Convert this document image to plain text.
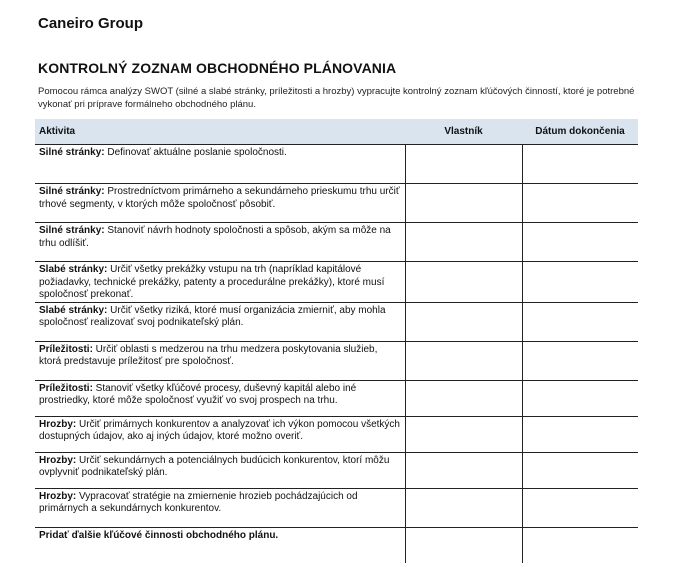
Caneiro Group
KONTROLNÝ ZOZNAM OBCHODNÉHO PLÁNOVANIA
Pomocou rámca analýzy SWOT (silné a slabé stránky, príležitosti a hrozby) vypracujte kontrolný zoznam kľúčových činností, ktoré je potrebné vykonať pri príprave formálneho obchodného plánu.
Aktivita	Vlastník	Dátum dokončenia
Silné stránky: Definovať aktuálne poslanie spoločnosti.		
Silné stránky: Prostredníctvom primárneho a sekundárneho prieskumu trhu určiť trhové segmenty, v ktorých môže spoločnosť pôsobiť.		
Silné stránky: Stanoviť návrh hodnoty spoločnosti a spôsob, akým sa môže na trhu odlíšiť.		
Slabé stránky: Určiť všetky prekážky vstupu na trh (napríklad kapitálové požiadavky, technické prekážky, patenty a procedurálne prekážky), ktoré musí spoločnosť prekonať.		
Slabé stránky: Určiť všetky riziká, ktoré musí organizácia zmierniť, aby mohla spoločnosť realizovať svoj podnikateľský plán.		
Príležitosti: Určiť oblasti s medzerou na trhu medzera poskytovania služieb, ktorá predstavuje príležitosť pre spoločnosť.		
Príležitosti: Stanoviť všetky kľúčové procesy, duševný kapitál alebo iné prostriedky, ktoré môže spoločnosť využiť vo svoj prospech na trhu.		
Hrozby: Určiť primárnych konkurentov a analyzovať ich výkon pomocou všetkých dostupných údajov, ako aj iných údajov, ktoré možno overiť.		
Hrozby: Určiť sekundárnych a potenciálnych budúcich konkurentov, ktorí môžu ovplyvniť podnikateľský plán.		
Hrozby: Vypracovať stratégie na zmiernenie hrozieb pochádzajúcich od primárnych a sekundárnych konkurentov.		
Pridať ďalšie kľúčové činnosti obchodného plánu.		
